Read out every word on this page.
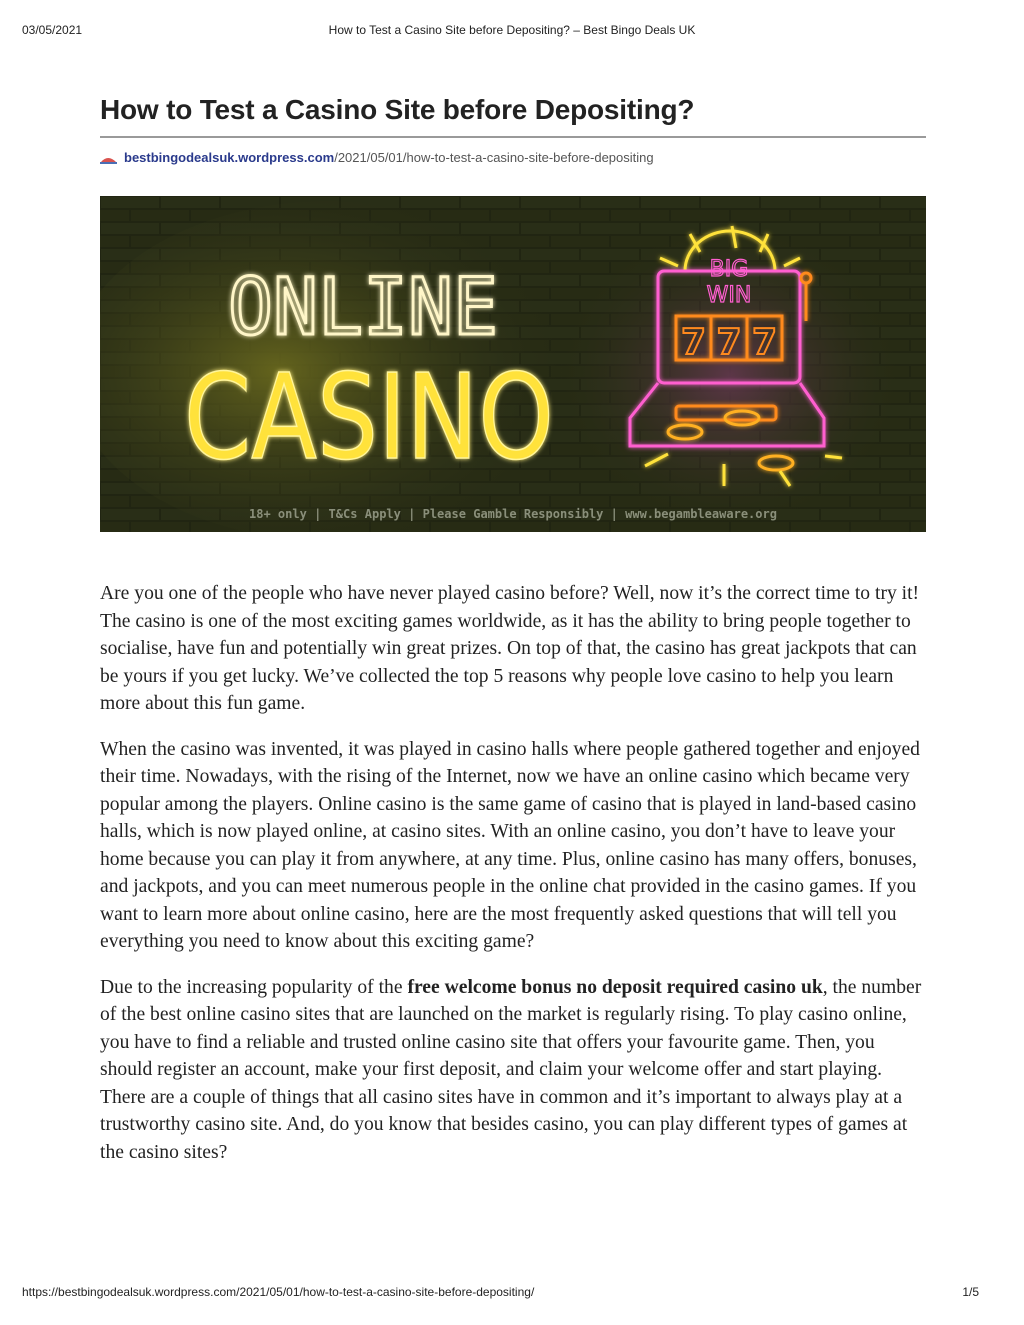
03/05/2021	How to Test a Casino Site before Depositing? – Best Bingo Deals UK
How to Test a Casino Site before Depositing?
bestbingodealsuk.wordpress.com/2021/05/01/how-to-test-a-casino-site-before-depositing
ONLINE
CASINO
BIG
WIN
777
18+ only | T&Cs Apply | Please Gamble Responsibly | www.begambleaware.org

Are you one of the people who have never played casino before? Well, now it’s the correct time to try it! The casino is one of the most exciting games worldwide, as it has the ability to bring people together to socialise, have fun and potentially win great prizes. On top of that, the casino has great jackpots that can be yours if you get lucky. We’ve collected the top 5 reasons why people love casino to help you learn more about this fun game.

When the casino was invented, it was played in casino halls where people gathered together and enjoyed their time. Nowadays, with the rising of the Internet, now we have an online casino which became very popular among the players. Online casino is the same game of casino that is played in land-based casino halls, which is now played online, at casino sites. With an online casino, you don’t have to leave your home because you can play it from anywhere, at any time. Plus, online casino has many offers, bonuses, and jackpots, and you can meet numerous people in the online chat provided in the casino games. If you want to learn more about online casino, here are the most frequently asked questions that will tell you everything you need to know about this exciting game?

Due to the increasing popularity of the free welcome bonus no deposit required casino uk, the number of the best online casino sites that are launched on the market is regularly rising. To play casino online, you have to find a reliable and trusted online casino site that offers your favourite game. Then, you should register an account, make your first deposit, and claim your welcome offer and start playing. There are a couple of things that all casino sites have in common and it’s important to always play at a trustworthy casino site. And, do you know that besides casino, you can play different types of games at the casino sites?

https://bestbingodealsuk.wordpress.com/2021/05/01/how-to-test-a-casino-site-before-depositing/	1/5
